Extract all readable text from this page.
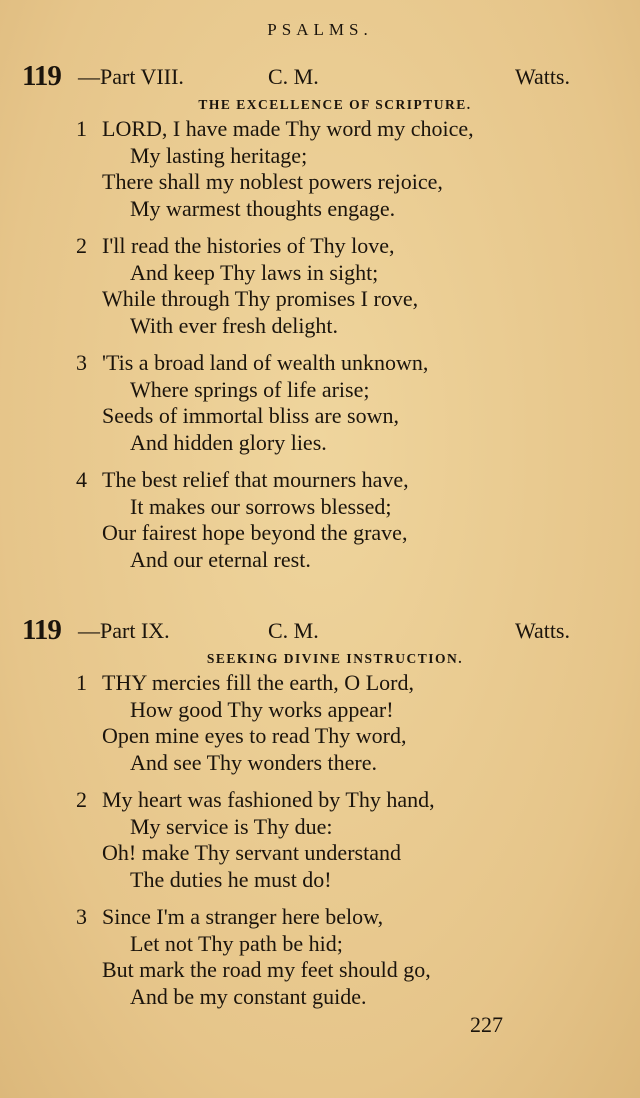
PSALMS.
119 —Part VIII.	C. M.	Watts.
THE EXCELLENCE OF SCRIPTURE.
1 LORD, I have made Thy word my choice,
My lasting heritage;
There shall my noblest powers rejoice,
My warmest thoughts engage.
2 I'll read the histories of Thy love,
And keep Thy laws in sight;
While through Thy promises I rove,
With ever fresh delight.
3 'Tis a broad land of wealth unknown,
Where springs of life arise;
Seeds of immortal bliss are sown,
And hidden glory lies.
4 The best relief that mourners have,
It makes our sorrows blessed;
Our fairest hope beyond the grave,
And our eternal rest.
119 —Part IX.	C. M.	Watts.
SEEKING DIVINE INSTRUCTION.
1 THY mercies fill the earth, O Lord,
How good Thy works appear!
Open mine eyes to read Thy word,
And see Thy wonders there.
2 My heart was fashioned by Thy hand,
My service is Thy due:
Oh! make Thy servant understand
The duties he must do!
3 Since I'm a stranger here below,
Let not Thy path be hid;
But mark the road my feet should go,
And be my constant guide.
227
